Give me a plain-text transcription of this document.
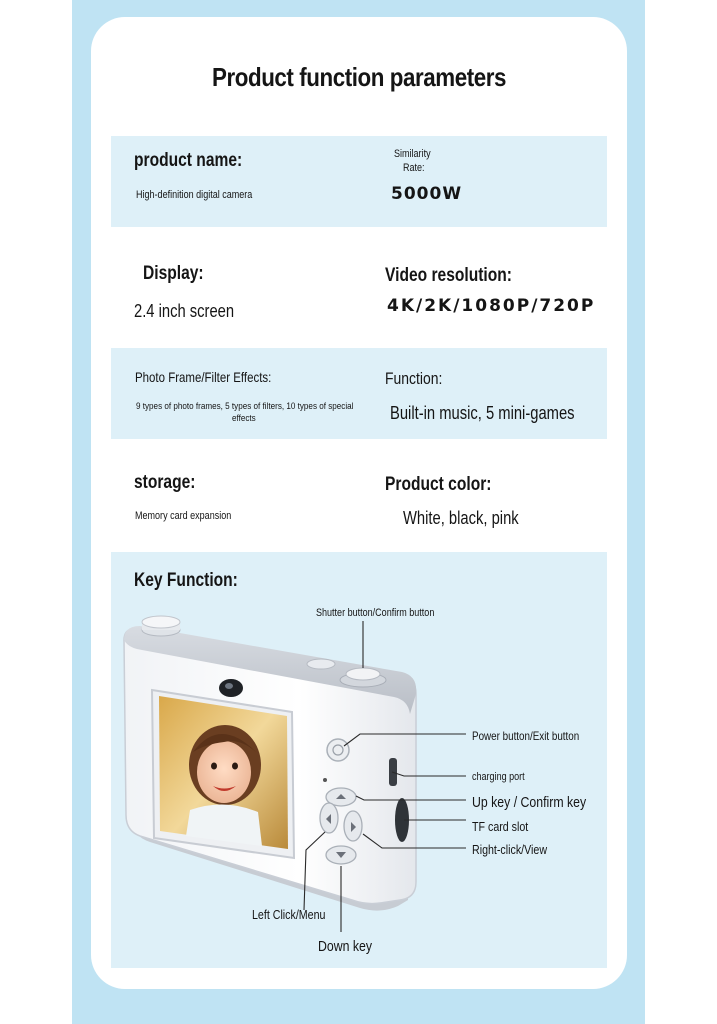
Product function parameters
product name:
High-definition digital camera
Similarity
Rate:
5000W
Display:
2.4 inch screen
Video resolution:
4K/2K/1080P/720P
Photo Frame/Filter Effects:
9 types of photo frames, 5 types of filters, 10 types of special
effects
Function:
Built-in music, 5 mini-games
storage:
Memory card expansion
Product color:
White, black, pink
Key Function:
Shutter button/Confirm button
Power button/Exit button
charging port
Up key / Confirm key
TF card slot
Right-click/View
Left Click/Menu
Down key
